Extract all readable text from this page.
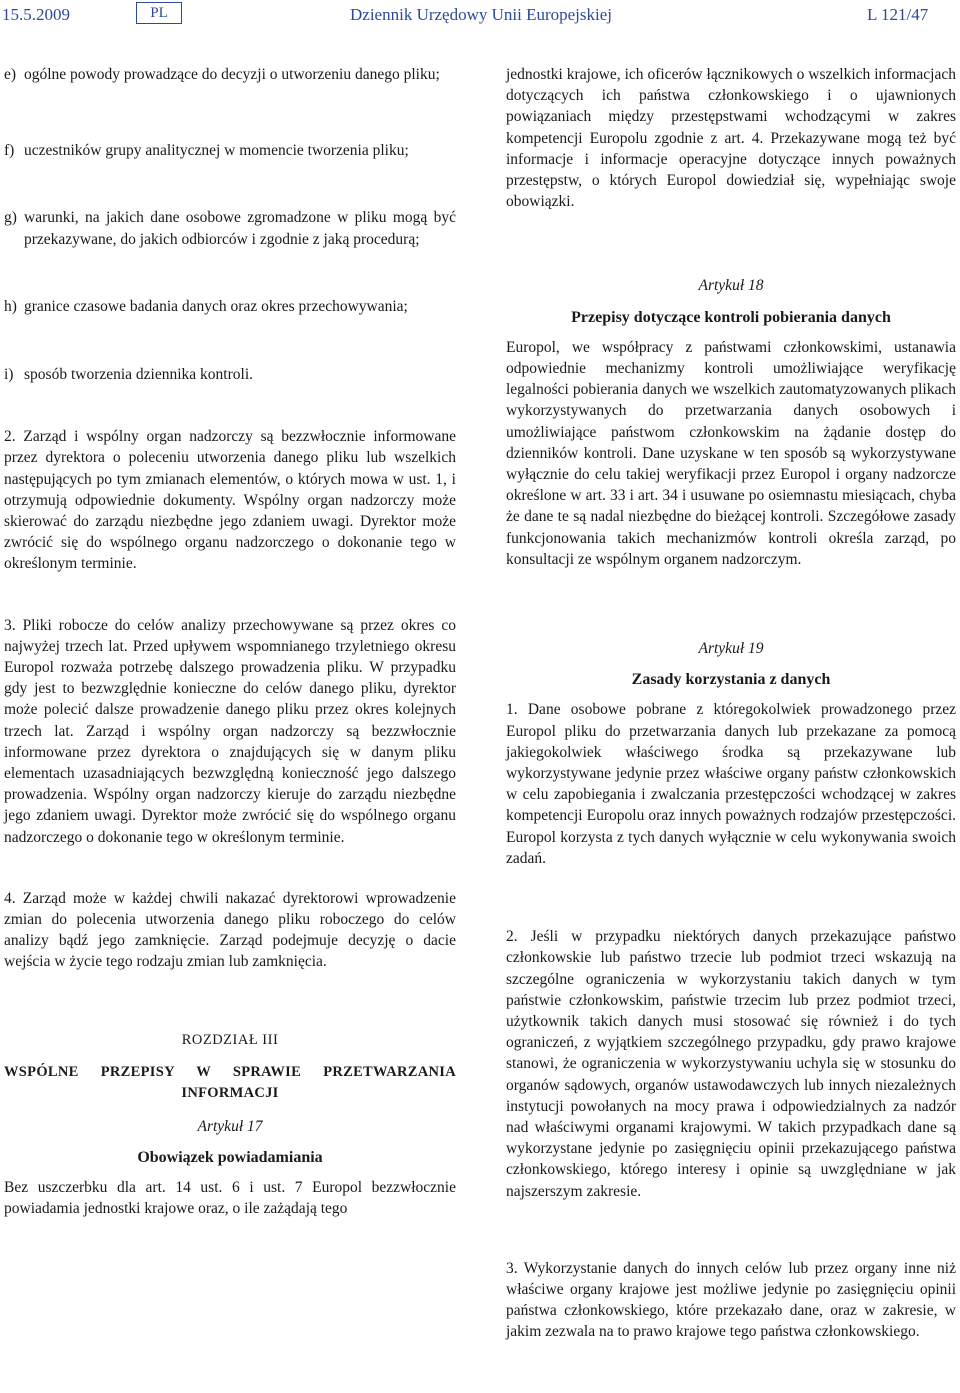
15.5.2009	PL	Dziennik Urzędowy Unii Europejskiej	L 121/47
e) ogólne powody prowadzące do decyzji o utworzeniu danego pliku;
f) uczestników grupy analitycznej w momencie tworzenia pliku;
g) warunki, na jakich dane osobowe zgromadzone w pliku mogą być przekazywane, do jakich odbiorców i zgodnie z jaką procedurą;
h) granice czasowe badania danych oraz okres przechowywania;
i) sposób tworzenia dziennika kontroli.

2. Zarząd i wspólny organ nadzorczy są bezzwłocznie informowane przez dyrektora o poleceniu utworzenia danego pliku lub wszelkich następujących po tym zmianach elementów, o których mowa w ust. 1, i otrzymują odpowiednie dokumenty. Wspólny organ nadzorczy może skierować do zarządu niezbędne jego zdaniem uwagi. Dyrektor może zwrócić się do wspólnego organu nadzorczego o dokonanie tego w określonym terminie.

3. Pliki robocze do celów analizy przechowywane są przez okres co najwyżej trzech lat. Przed upływem wspomnianego trzyletniego okresu Europol rozważa potrzebę dalszego prowadzenia pliku. W przypadku gdy jest to bezwzględnie konieczne do celów danego pliku, dyrektor może polecić dalsze prowadzenie danego pliku przez okres kolejnych trzech lat. Zarząd i wspólny organ nadzorczy są bezzwłocznie informowane przez dyrektora o znajdujących się w danym pliku elementach uzasadniających bezwzględną konieczność jego dalszego prowadzenia. Wspólny organ nadzorczy kieruje do zarządu niezbędne jego zdaniem uwagi. Dyrektor może zwrócić się do wspólnego organu nadzorczego o dokonanie tego w określonym terminie.

4. Zarząd może w każdej chwili nakazać dyrektorowi wprowadzenie zmian do polecenia utworzenia danego pliku roboczego do celów analizy bądź jego zamknięcie. Zarząd podejmuje decyzję o dacie wejścia w życie tego rodzaju zmian lub zamknięcia.

ROZDZIAŁ III

WSPÓLNE PRZEPISY W SPRAWIE PRZETWARZANIA INFORMACJI

Artykuł 17
Obowiązek powiadamiania

Bez uszczerbku dla art. 14 ust. 6 i ust. 7 Europol bezzwłocznie powiadamia jednostki krajowe oraz, o ile zażądają tego

jednostki krajowe, ich oficerów łącznikowych o wszelkich informacjach dotyczących ich państwa członkowskiego i o ujawnionych powiązaniach między przestępstwami wchodzącymi w zakres kompetencji Europolu zgodnie z art. 4. Przekazywane mogą też być informacje i informacje operacyjne dotyczące innych poważnych przestępstw, o których Europol dowiedział się, wypełniając swoje obowiązki.

Artykuł 18
Przepisy dotyczące kontroli pobierania danych

Europol, we współpracy z państwami członkowskimi, ustanawia odpowiednie mechanizmy kontroli umożliwiające weryfikację legalności pobierania danych we wszelkich zautomatyzowanych plikach wykorzystywanych do przetwarzania danych osobowych i umożliwiające państwom członkowskim na żądanie dostęp do dzienników kontroli. Dane uzyskane w ten sposób są wykorzystywane wyłącznie do celu takiej weryfikacji przez Europol i organy nadzorcze określone w art. 33 i art. 34 i usuwane po osiemnastu miesiącach, chyba że dane te są nadal niezbędne do bieżącej kontroli. Szczegółowe zasady funkcjonowania takich mechanizmów kontroli określa zarząd, po konsultacji ze wspólnym organem nadzorczym.

Artykuł 19
Zasady korzystania z danych

1. Dane osobowe pobrane z któregokolwiek prowadzonego przez Europol pliku do przetwarzania danych lub przekazane za pomocą jakiegokolwiek właściwego środka są przekazywane lub wykorzystywane jedynie przez właściwe organy państw członkowskich w celu zapobiegania i zwalczania przestępczości wchodzącej w zakres kompetencji Europolu oraz innych poważnych rodzajów przestępczości. Europol korzysta z tych danych wyłącznie w celu wykonywania swoich zadań.

2. Jeśli w przypadku niektórych danych przekazujące państwo członkowskie lub państwo trzecie lub podmiot trzeci wskazują na szczególne ograniczenia w wykorzystaniu takich danych w tym państwie członkowskim, państwie trzecim lub przez podmiot trzeci, użytkownik takich danych musi stosować się również i do tych ograniczeń, z wyjątkiem szczególnego przypadku, gdy prawo krajowe stanowi, że ograniczenia w wykorzystywaniu uchyla się w stosunku do organów sądowych, organów ustawodawczych lub innych niezależnych instytucji powołanych na mocy prawa i odpowiedzialnych za nadzór nad właściwymi organami krajowymi. W takich przypadkach dane są wykorzystane jedynie po zasięgnięciu opinii przekazującego państwa członkowskiego, którego interesy i opinie są uwzględniane w jak najszerszym zakresie.

3. Wykorzystanie danych do innych celów lub przez organy inne niż właściwe organy krajowe jest możliwe jedynie po zasięgnięciu opinii państwa członkowskiego, które przekazało dane, oraz w zakresie, w jakim zezwala na to prawo krajowe tego państwa członkowskiego.
